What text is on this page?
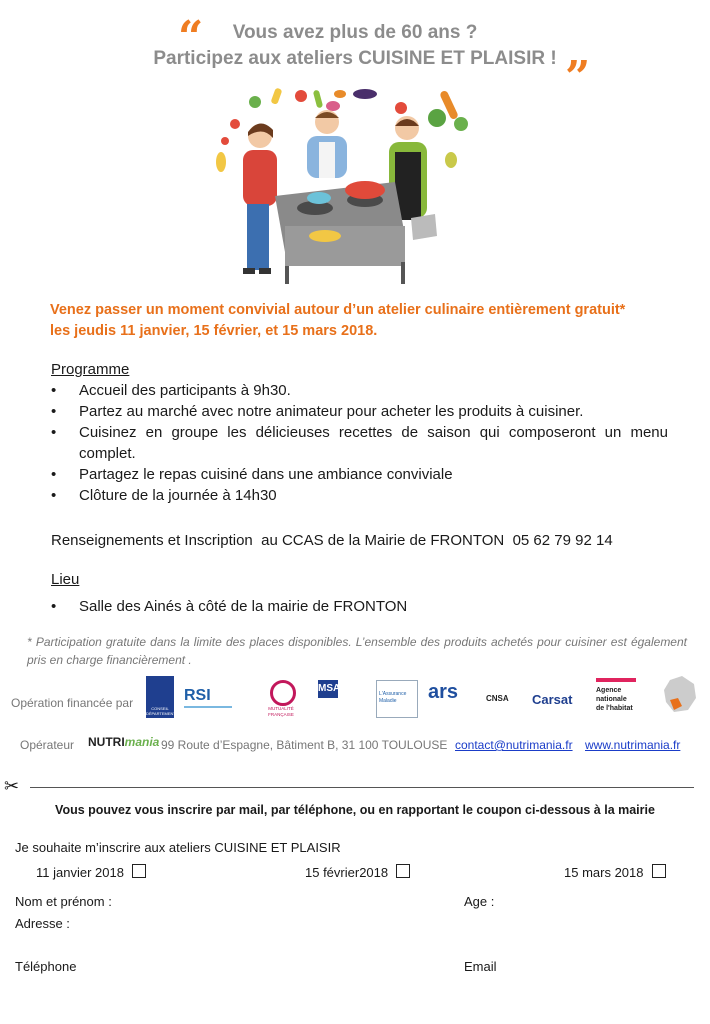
“	Vous avez plus de 60 ans ?
Participez aux ateliers CUISINE ET PLAISIR ! ”
Venez passer un moment convivial autour d’un atelier culinaire entièrement gratuit*
les jeudis 11 janvier, 15 février, et 15 mars 2018.
Programme
• Accueil des participants à 9h30.
• Partez au marché avec notre animateur pour acheter les produits à cuisiner.
• Cuisinez en groupe les délicieuses recettes de saison qui composeront un menu complet.
• Partagez le repas cuisiné dans une ambiance conviviale
• Clôture de la journée à 14h30
Renseignements et Inscription  au CCAS de la Mairie de FRONTON  05 62 79 92 14
Lieu
• Salle des Ainés à côté de la mairie de FRONTON
* Participation gratuite dans la limite des places disponibles. L’ensemble des produits achetés pour cuisiner est également pris en charge financièrement .
Opération financée par	CONSEIL DÉPARTEMENTAL
RSI
MUTUALITÉ FRANÇAISE
MSA	L'Assurance Maladie	ars	CNSA	Carsat
Agence
nationale
de l'habitat
Opérateur NUTRImania 99 Route d’Espagne, Bâtiment B, 31 100 TOULOUSE contact@nutrimania.fr www.nutrimania.fr
✂
Vous pouvez vous inscrire par mail, par téléphone, ou en rapportant le coupon ci-dessous à la mairie
Je souhaite m’inscrire aux ateliers CUISINE ET PLAISIR
11 janvier 2018	15 février2018	15 mars 2018
Nom et prénom :	Age :
Adresse :
Téléphone	Email
